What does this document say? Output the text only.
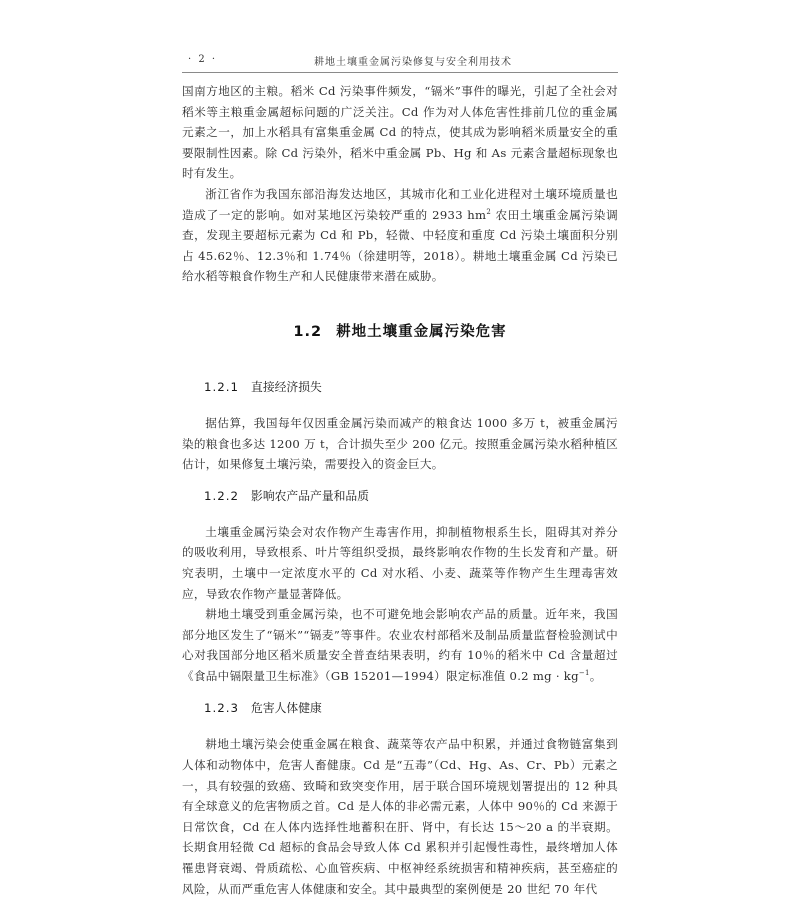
· 2 ·	耕地土壤重金属污染修复与安全利用技术

国南方地区的主粮。稻米 Cd 污染事件频发，“镉米”事件的曝光，引起了全社会对稻米等主粮重金属超标问题的广泛关注。Cd 作为对人体危害性排前几位的重金属元素之一，加上水稻具有富集重金属 Cd 的特点，使其成为影响稻米质量安全的重要限制性因素。除 Cd 污染外，稻米中重金属 Pb、Hg 和 As 元素含量超标现象也时有发生。

浙江省作为我国东部沿海发达地区，其城市化和工业化进程对土壤环境质量也造成了一定的影响。如对某地区污染较严重的 2933 $hm^2$ 农田土壤重金属污染调查，发现主要超标元素为 Cd 和 Pb，轻微、中轻度和重度 Cd 污染土壤面积分别占 45.62％、12.3％和 1.74％（徐建明等，2018）。耕地土壤重金属 Cd 污染已给水稻等粮食作物生产和人民健康带来潜在威胁。

1.2 耕地土壤重金属污染危害
1.2.1 直接经济损失

据估算，我国每年仅因重金属污染而减产的粮食达 1000 多万 t，被重金属污染的粮食也多达 1200 万 t，合计损失至少 200 亿元。按照重金属污染水稻种植区估计，如果修复土壤污染，需要投入的资金巨大。

1.2.2 影响农产品产量和品质

土壤重金属污染会对农作物产生毒害作用，抑制植物根系生长，阻碍其对养分的吸收利用，导致根系、叶片等组织受损，最终影响农作物的生长发育和产量。研究表明，土壤中一定浓度水平的 Cd 对水稻、小麦、蔬菜等作物产生生理毒害效应，导致农作物产量显著降低。

耕地土壤受到重金属污染，也不可避免地会影响农产品的质量。近年来，我国部分地区发生了“镉米”“镉麦”等事件。农业农村部稻米及制品质量监督检验测试中心对我国部分地区稻米质量安全普查结果表明，约有 10％的稻米中 Cd 含量超过《食品中镉限量卫生标准》（GB 15201—1994）限定标准值 0.2 mg · $kg^{-1}$。

1.2.3 危害人体健康

耕地土壤污染会使重金属在粮食、蔬菜等农产品中积累，并通过食物链富集到人体和动物体中，危害人畜健康。Cd 是“五毒”（Cd、Hg、As、Cr、Pb）元素之一，具有较强的致癌、致畸和致突变作用，居于联合国环境规划署提出的 12 种具有全球意义的危害物质之首。Cd 是人体的非必需元素，人体中 90％的 Cd 来源于日常饮食，Cd 在人体内选择性地蓄积在肝、肾中，有长达 15～20 a 的半衰期。长期食用轻微 Cd 超标的食品会导致人体 Cd 累积并引起慢性毒性，最终增加人体罹患肾衰竭、骨质疏松、心血管疾病、中枢神经系统损害和精神疾病，甚至癌症的风险，从而严重危害人体健康和安全。其中最典型的案例便是 20 世纪 70 年代
